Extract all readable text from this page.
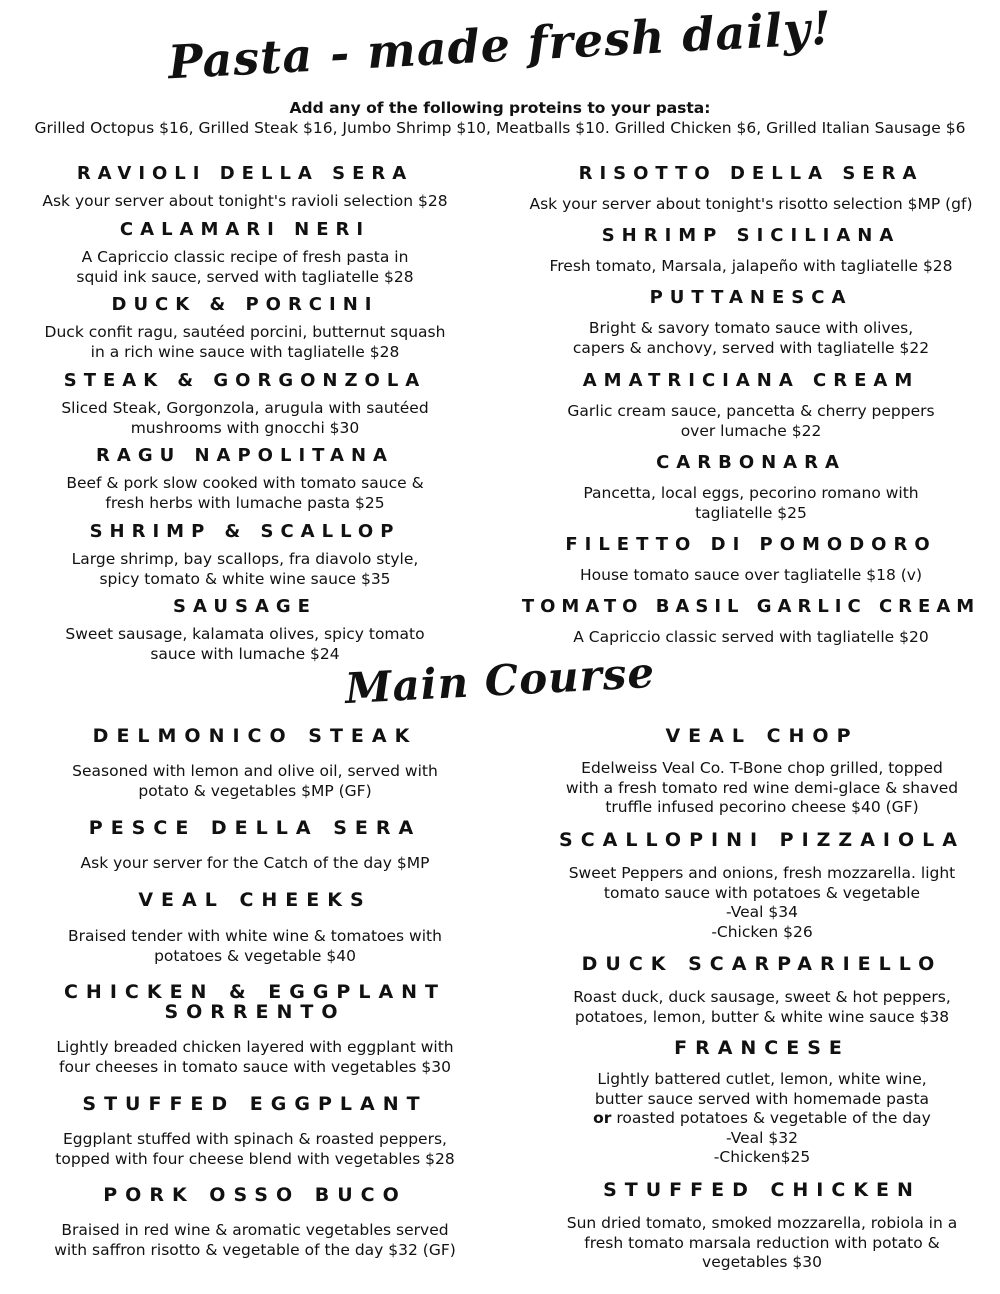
Pasta - made fresh daily!
Add any of the following proteins to your pasta:
Grilled Octopus $16, Grilled Steak $16, Jumbo Shrimp $10, Meatballs $10. Grilled Chicken $6, Grilled Italian Sausage $6
RAVIOLI DELLA SERA

Ask your server about tonight's ravioli selection $28

CALAMARI NERI

A Capriccio classic recipe of fresh pasta in

squid ink sauce, served with tagliatelle $28

DUCK & PORCINI

Duck confit ragu, sautéed porcini, butternut squash

in a rich wine sauce with tagliatelle $28

STEAK & GORGONZOLA

Sliced Steak, Gorgonzola, arugula with sautéed

mushrooms with gnocchi $30

RAGU NAPOLITANA

Beef & pork slow cooked with tomato sauce &

fresh herbs with lumache pasta $25

SHRIMP & SCALLOP

Large shrimp, bay scallops, fra diavolo style,

spicy tomato & white wine sauce $35

SAUSAGE

Sweet sausage, kalamata olives, spicy tomato

sauce with lumache $24

RISOTTO DELLA SERA

Ask your server about tonight's risotto selection $MP (gf)

SHRIMP SICILIANA

Fresh tomato, Marsala, jalapeño with tagliatelle $28

PUTTANESCA

Bright & savory tomato sauce with olives,

capers & anchovy, served with tagliatelle $22

AMATRICIANA CREAM

Garlic cream sauce, pancetta & cherry peppers

over lumache $22

CARBONARA

Pancetta, local eggs, pecorino romano with

tagliatelle $25

FILETTO DI POMODORO

House tomato sauce over tagliatelle $18 (v)

TOMATO BASIL GARLIC CREAM

A Capriccio classic served with tagliatelle $20

Main Course
DELMONICO STEAK

Seasoned with lemon and olive oil, served with

potato & vegetables $MP (GF)

PESCE DELLA SERA

Ask your server for the Catch of the day $MP

VEAL CHEEKS

Braised tender with white wine & tomatoes with

potatoes & vegetable $40

CHICKEN & EGGPLANT SORRENTO

Lightly breaded chicken layered with eggplant with

four cheeses in tomato sauce with vegetables $30

STUFFED EGGPLANT

Eggplant stuffed with spinach & roasted peppers,

topped with four cheese blend with vegetables $28

PORK OSSO BUCO

Braised in red wine & aromatic vegetables served

with saffron risotto & vegetable of the day $32 (GF)

VEAL CHOP

Edelweiss Veal Co. T-Bone chop grilled, topped

with a fresh tomato red wine demi-glace & shaved

truffle infused pecorino cheese $40 (GF)

SCALLOPINI PIZZAIOLA

Sweet Peppers and onions, fresh mozzarella. light

tomato sauce with potatoes & vegetable

-Veal $34

-Chicken $26

DUCK SCARPARIELLO

Roast duck, duck sausage, sweet & hot peppers,

potatoes, lemon, butter & white wine sauce $38

FRANCESE

Lightly battered cutlet, lemon, white wine,

butter sauce served with homemade pasta

or roasted potatoes & vegetable of the day

-Veal $32

-Chicken$25

STUFFED CHICKEN

Sun dried tomato, smoked mozzarella, robiola in a

fresh tomato marsala reduction with potato &

vegetables $30
